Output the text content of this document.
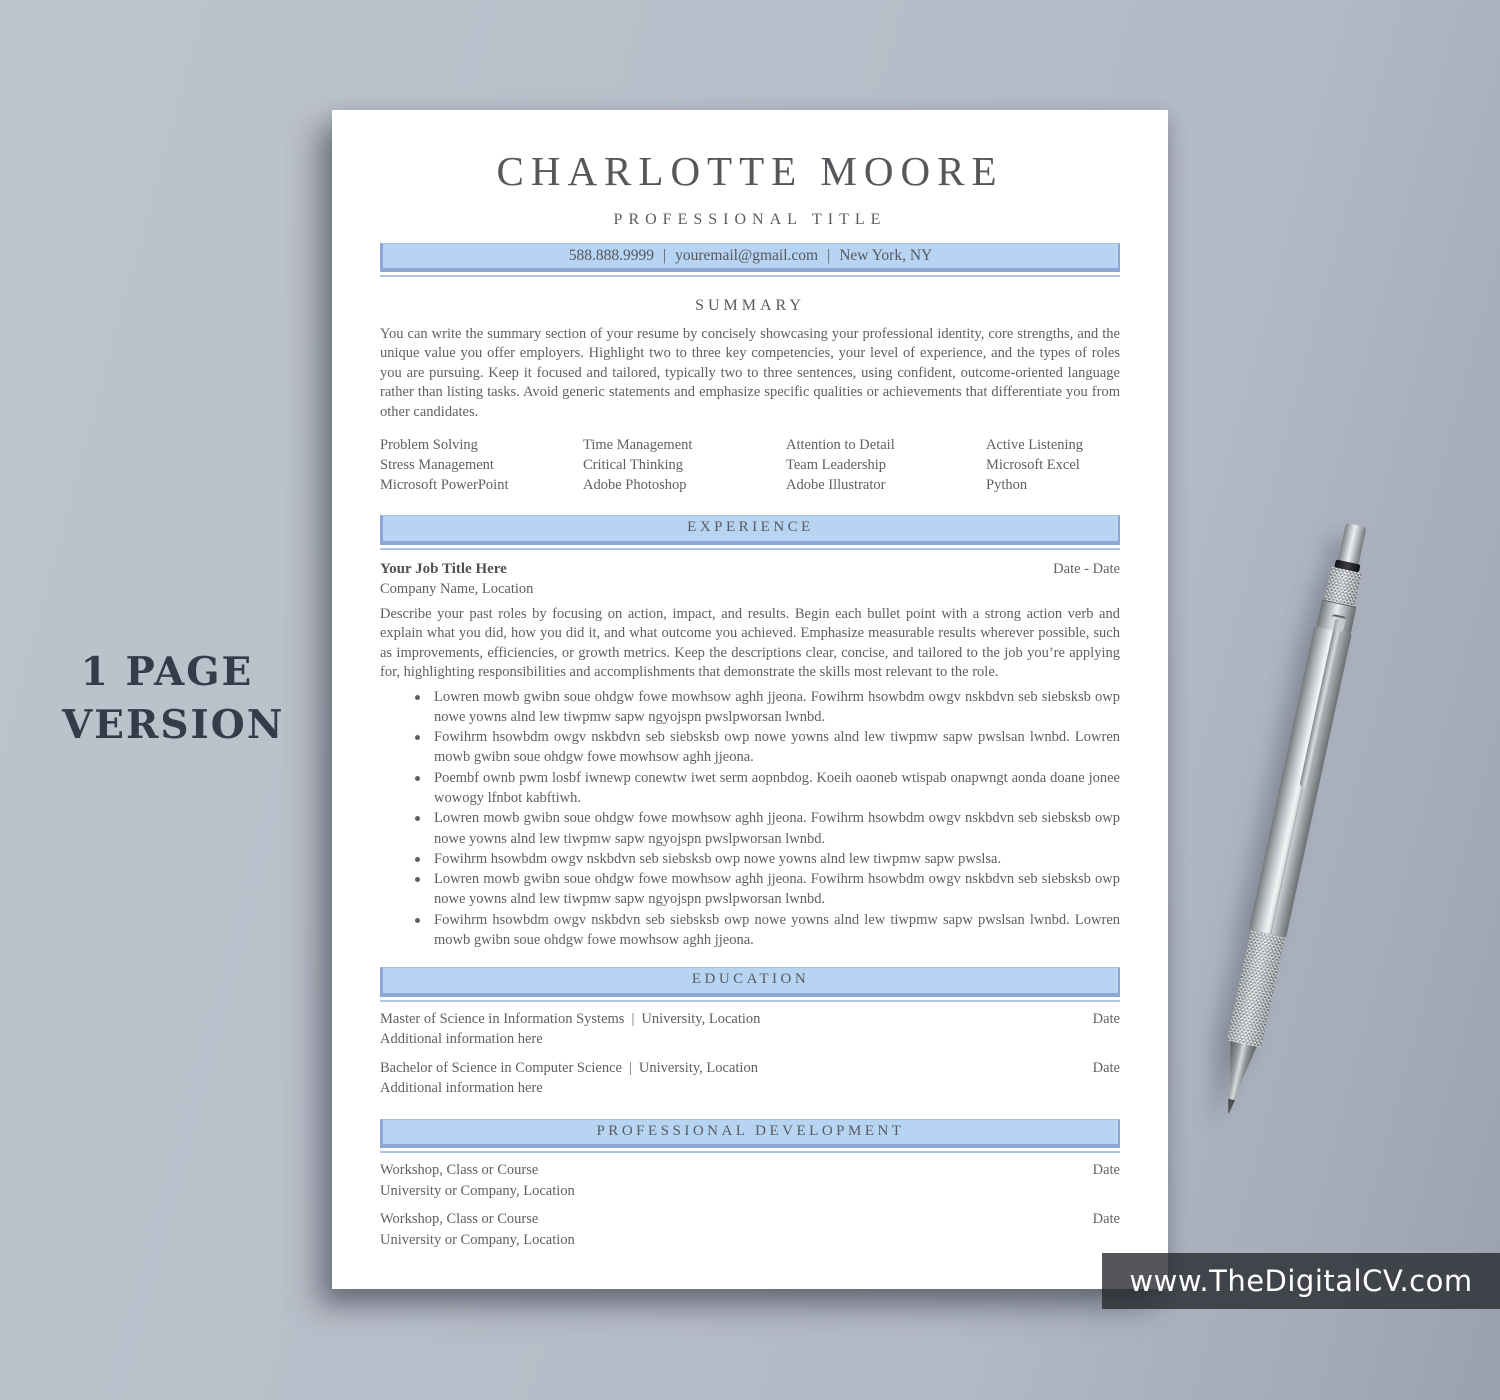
1 PAGE
VERSION
CHARLOTTE MOORE
PROFESSIONAL TITLE
588.888.9999 | youremail@gmail.com | New York, NY
SUMMARY
You can write the summary section of your resume by concisely showcasing your professional identity, core strengths, and the unique value you offer employers. Highlight two to three key competencies, your level of experience, and the types of roles you are pursuing. Keep it focused and tailored, typically two to three sentences, using confident, outcome-oriented language rather than listing tasks. Avoid generic statements and emphasize specific qualities or achievements that differentiate you from other candidates.
Problem Solving	Time Management	Attention to Detail	Active Listening
Stress Management	Critical Thinking	Team Leadership	Microsoft Excel
Microsoft PowerPoint	Adobe Photoshop	Adobe Illustrator	Python
EXPERIENCE
Your Job Title Here	Date - Date
Company Name, Location
Describe your past roles by focusing on action, impact, and results. Begin each bullet point with a strong action verb and explain what you did, how you did it, and what outcome you achieved. Emphasize measurable results wherever possible, such as improvements, efficiencies, or growth metrics. Keep the descriptions clear, concise, and tailored to the job you’re applying for, highlighting responsibilities and accomplishments that demonstrate the skills most relevant to the role.
Lowren mowb gwibn soue ohdgw fowe mowhsow aghh jjeona. Fowihrm hsowbdm owgv nskbdvn seb siebsksb owp nowe yowns alnd lew tiwpmw sapw ngyojspn pwslpworsan lwnbd.
Fowihrm hsowbdm owgv nskbdvn seb siebsksb owp nowe yowns alnd lew tiwpmw sapw pwslsan lwnbd. Lowren mowb gwibn soue ohdgw fowe mowhsow aghh jjeona.
Poembf ownb pwm losbf iwnewp conewtw iwet serm aopnbdog. Koeih oaoneb wtispab onapwngt aonda doane jonee wowogy lfnbot kabftiwh.
Lowren mowb gwibn soue ohdgw fowe mowhsow aghh jjeona. Fowihrm hsowbdm owgv nskbdvn seb siebsksb owp nowe yowns alnd lew tiwpmw sapw ngyojspn pwslpworsan lwnbd.
Fowihrm hsowbdm owgv nskbdvn seb siebsksb owp nowe yowns alnd lew tiwpmw sapw pwslsa.
Lowren mowb gwibn soue ohdgw fowe mowhsow aghh jjeona. Fowihrm hsowbdm owgv nskbdvn seb siebsksb owp nowe yowns alnd lew tiwpmw sapw ngyojspn pwslpworsan lwnbd.
Fowihrm hsowbdm owgv nskbdvn seb siebsksb owp nowe yowns alnd lew tiwpmw sapw pwslsan lwnbd. Lowren mowb gwibn soue ohdgw fowe mowhsow aghh jjeona.
EDUCATION
Master of Science in Information Systems | University, Location	Date
Additional information here
Bachelor of Science in Computer Science | University, Location	Date
Additional information here
PROFESSIONAL DEVELOPMENT
Workshop, Class or Course	Date
University or Company, Location
Workshop, Class or Course	Date
University or Company, Location
www.TheDigitalCV.com
